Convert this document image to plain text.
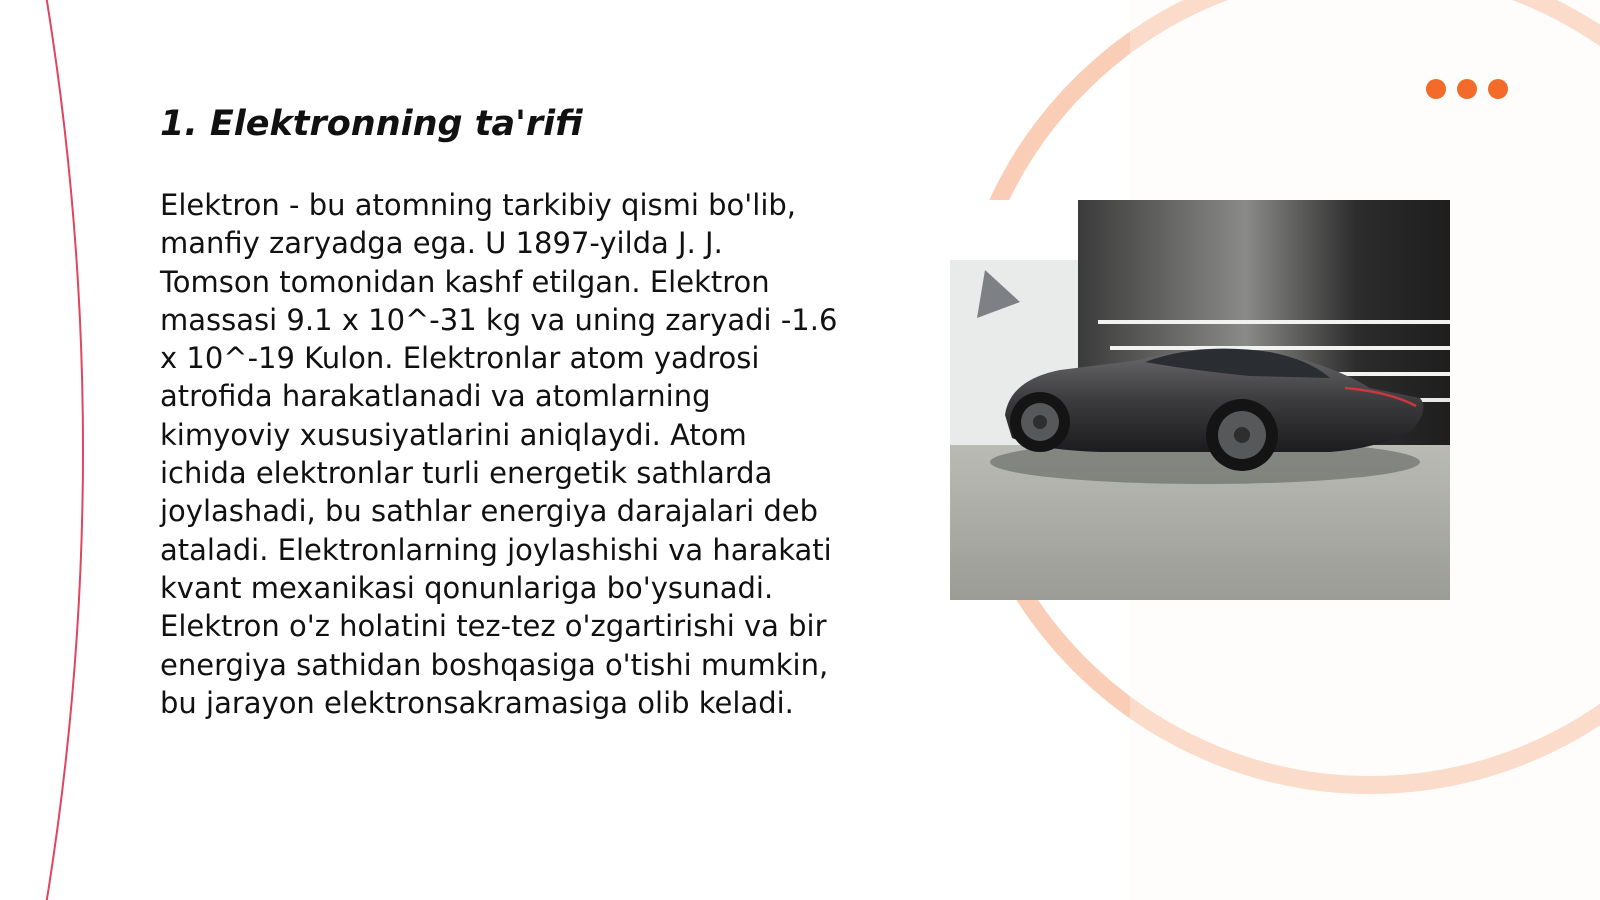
1. Elektronning ta'rifi

Elektron - bu atomning tarkibiy qismi bo'lib, manfiy zaryadga ega. U 1897-yilda J. J. Tomson tomonidan kashf etilgan. Elektron massasi 9.1 x 10^-31 kg va uning zaryadi -1.6 x 10^-19 Kulon. Elektronlar atom yadrosi atrofida harakatlanadi va atomlarning kimyoviy xususiyatlarini aniqlaydi. Atom ichida elektronlar turli energetik sathlarda joylashadi, bu sathlar energiya darajalari deb ataladi. Elektronlarning joylashishi va harakati kvant mexanikasi qonunlariga bo'ysunadi. Elektron o'z holatini tez-tez o'zgartirishi va bir energiya sathidan boshqasiga o'tishi mumkin, bu jarayon elektronsakramasiga olib keladi.
